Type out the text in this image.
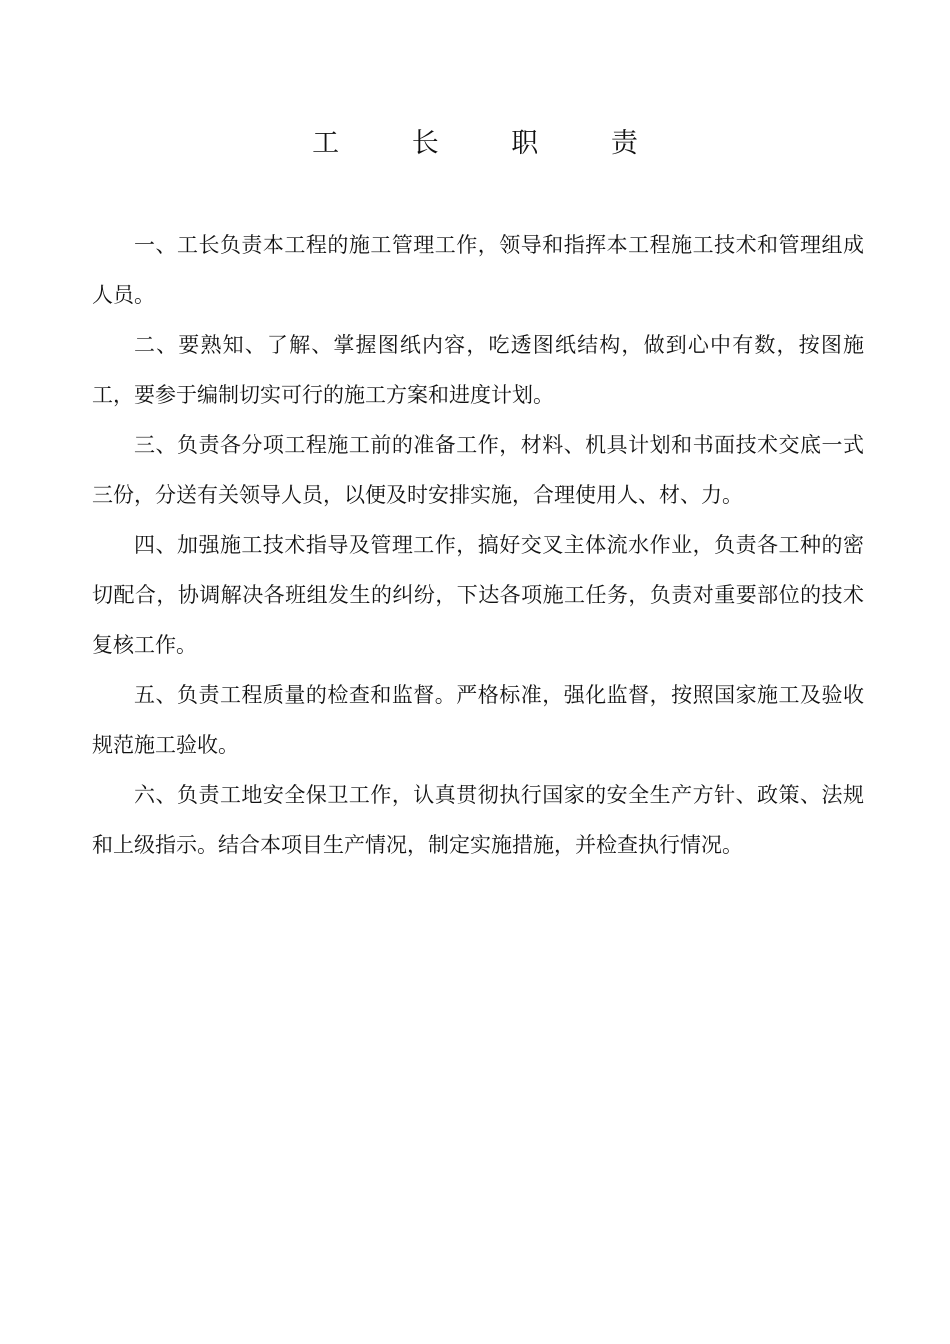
工 长 职 责

一、工长负责本工程的施工管理工作，领导和指挥本工程施工技术和管理组成人员。

二、要熟知、了解、掌握图纸内容，吃透图纸结构，做到心中有数，按图施工，要参于编制切实可行的施工方案和进度计划。

三、负责各分项工程施工前的准备工作，材料、机具计划和书面技术交底一式三份，分送有关领导人员，以便及时安排实施，合理使用人、材、力。

四、加强施工技术指导及管理工作，搞好交叉主体流水作业，负责各工种的密切配合，协调解决各班组发生的纠纷，下达各项施工任务，负责对重要部位的技术复核工作。

五、负责工程质量的检查和监督。严格标准，强化监督，按照国家施工及验收规范施工验收。

六、负责工地安全保卫工作，认真贯彻执行国家的安全生产方针、政策、法规和上级指示。结合本项目生产情况，制定实施措施，并检查执行情况。
